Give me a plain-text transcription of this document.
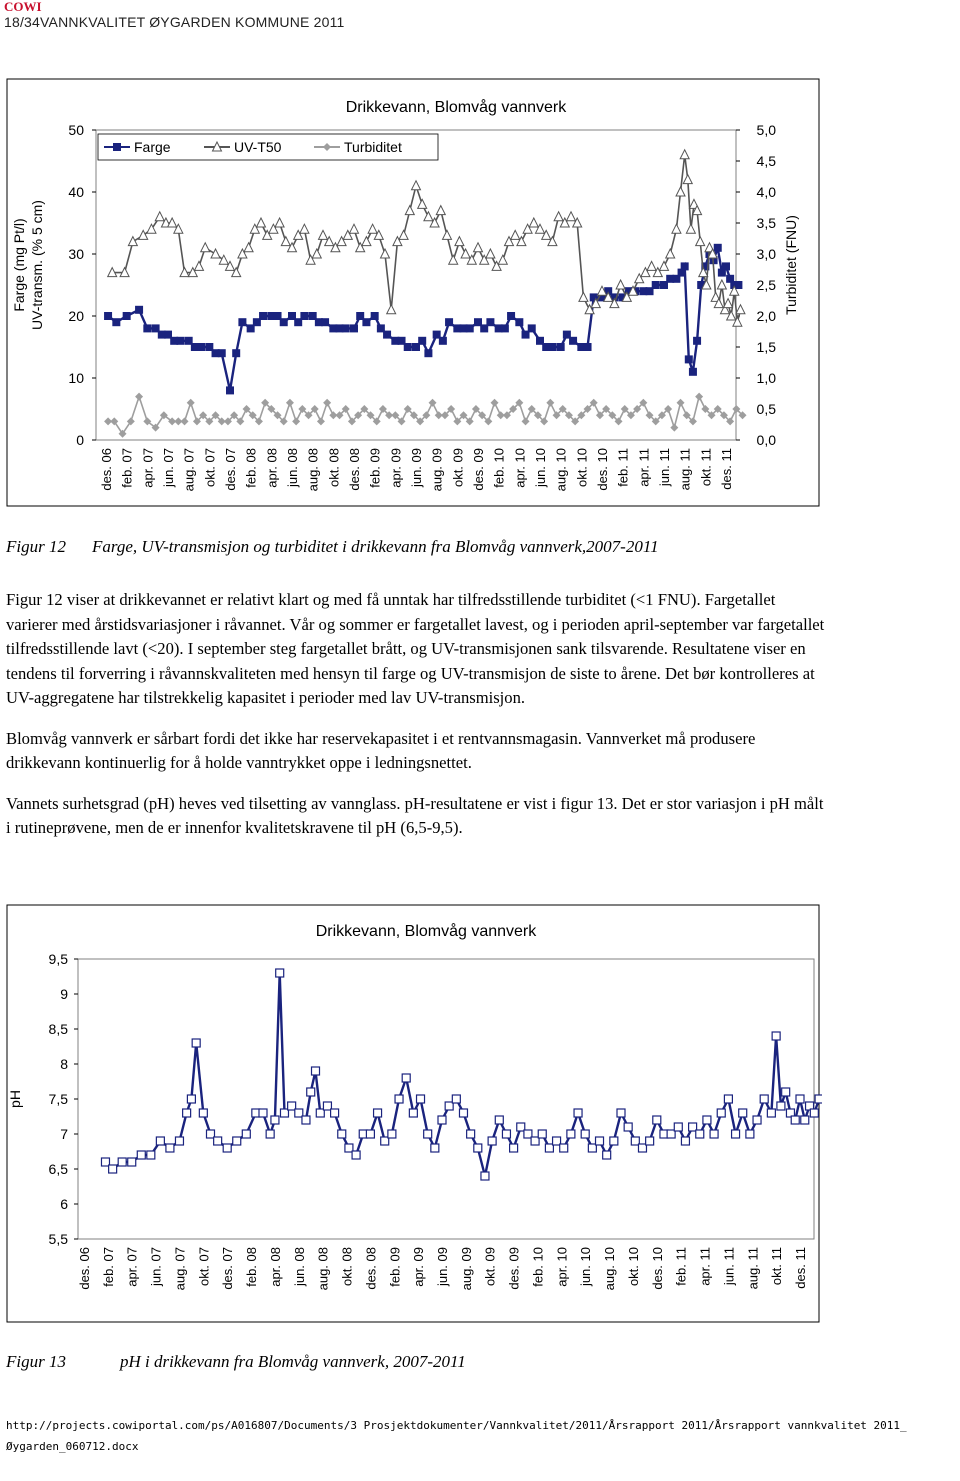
COWI
18/34VANNKVALITET ØYGARDEN KOMMUNE 2011
Drikkevann, Blomvåg vannverk
0
10
20
30
40
50
0,0
0,5
1,0
1,5
2,0
2,5
3,0
3,5
4,0
4,5
5,0
Farge (mg Pt/l) UV-transm. (% 5 cm)	Turbiditet (FNU)
des. 06 feb. 07 apr. 07 jun. 07 aug. 07 okt. 07 des. 07 feb. 08 apr. 08 jun. 08 aug. 08 okt. 08 des. 08 feb. 09 apr. 09 jun. 09 aug. 09 okt. 09 des. 09 feb. 10 apr. 10 jun. 10 aug. 10 okt. 10 des. 10 feb. 11 apr. 11 jun. 11 aug. 11 okt. 11 des. 11
Farge	UV-T50	Turbiditet
Figur 12 Farge, UV-transmisjon og turbiditet i drikkevann fra Blomvåg vannverk,2007-2011

Figur 12 viser at drikkevannet er relativt klart og med få unntak har tilfredsstillende turbiditet (<1 FNU). Fargetallet varierer med årstidsvariasjoner i råvannet. Vår og sommer er fargetallet lavest, og i perioden april-september var fargetallet tilfredsstillende lavt (<20). I september steg fargetallet brått, og UV-transmisjonen sank tilsvarende. Resultatene viser en tendens til forverring i råvannskvaliteten med hensyn til farge og UV-transmisjon de siste to årene. Det bør kontrolleres at UV-aggregatene har tilstrekkelig kapasitet i perioder med lav UV-transmisjon.

Blomvåg vannverk er sårbart fordi det ikke har reservekapasitet i et rentvannsmagasin. Vannverket må produsere drikkevann kontinuerlig for å holde vanntrykket oppe i ledningsnettet.

Vannets surhetsgrad (pH) heves ved tilsetting av vannglass. pH-resultatene er vist i figur 13. Det er stor variasjon i pH målt i rutineprøvene, men de er innenfor kvalitetskravene til pH (6,5-9,5).

Drikkevann, Blomvåg vannverk
5,5
6
6,5
7
7,5
8
8,5
9
9,5
pH
des. 06 feb. 07 apr. 07 jun. 07 aug. 07 okt. 07 des. 07 feb. 08 apr. 08 jun. 08 aug. 08 okt. 08 des. 08 feb. 09 apr. 09 jun. 09 aug. 09 okt. 09 des. 09 feb. 10 apr. 10 jun. 10 aug. 10 okt. 10 des. 10 feb. 11 apr. 11 jun. 11 aug. 11 okt. 11 des. 11
Figur 13	pH i drikkevann fra Blomvåg vannverk, 2007-2011
http://projects.cowiportal.com/ps/A016807/Documents/3 Prosjektdokumenter/Vannkvalitet/2011/Årsrapport 2011/Årsrapport vannkvalitet 2011_
Øygarden_060712.docx
